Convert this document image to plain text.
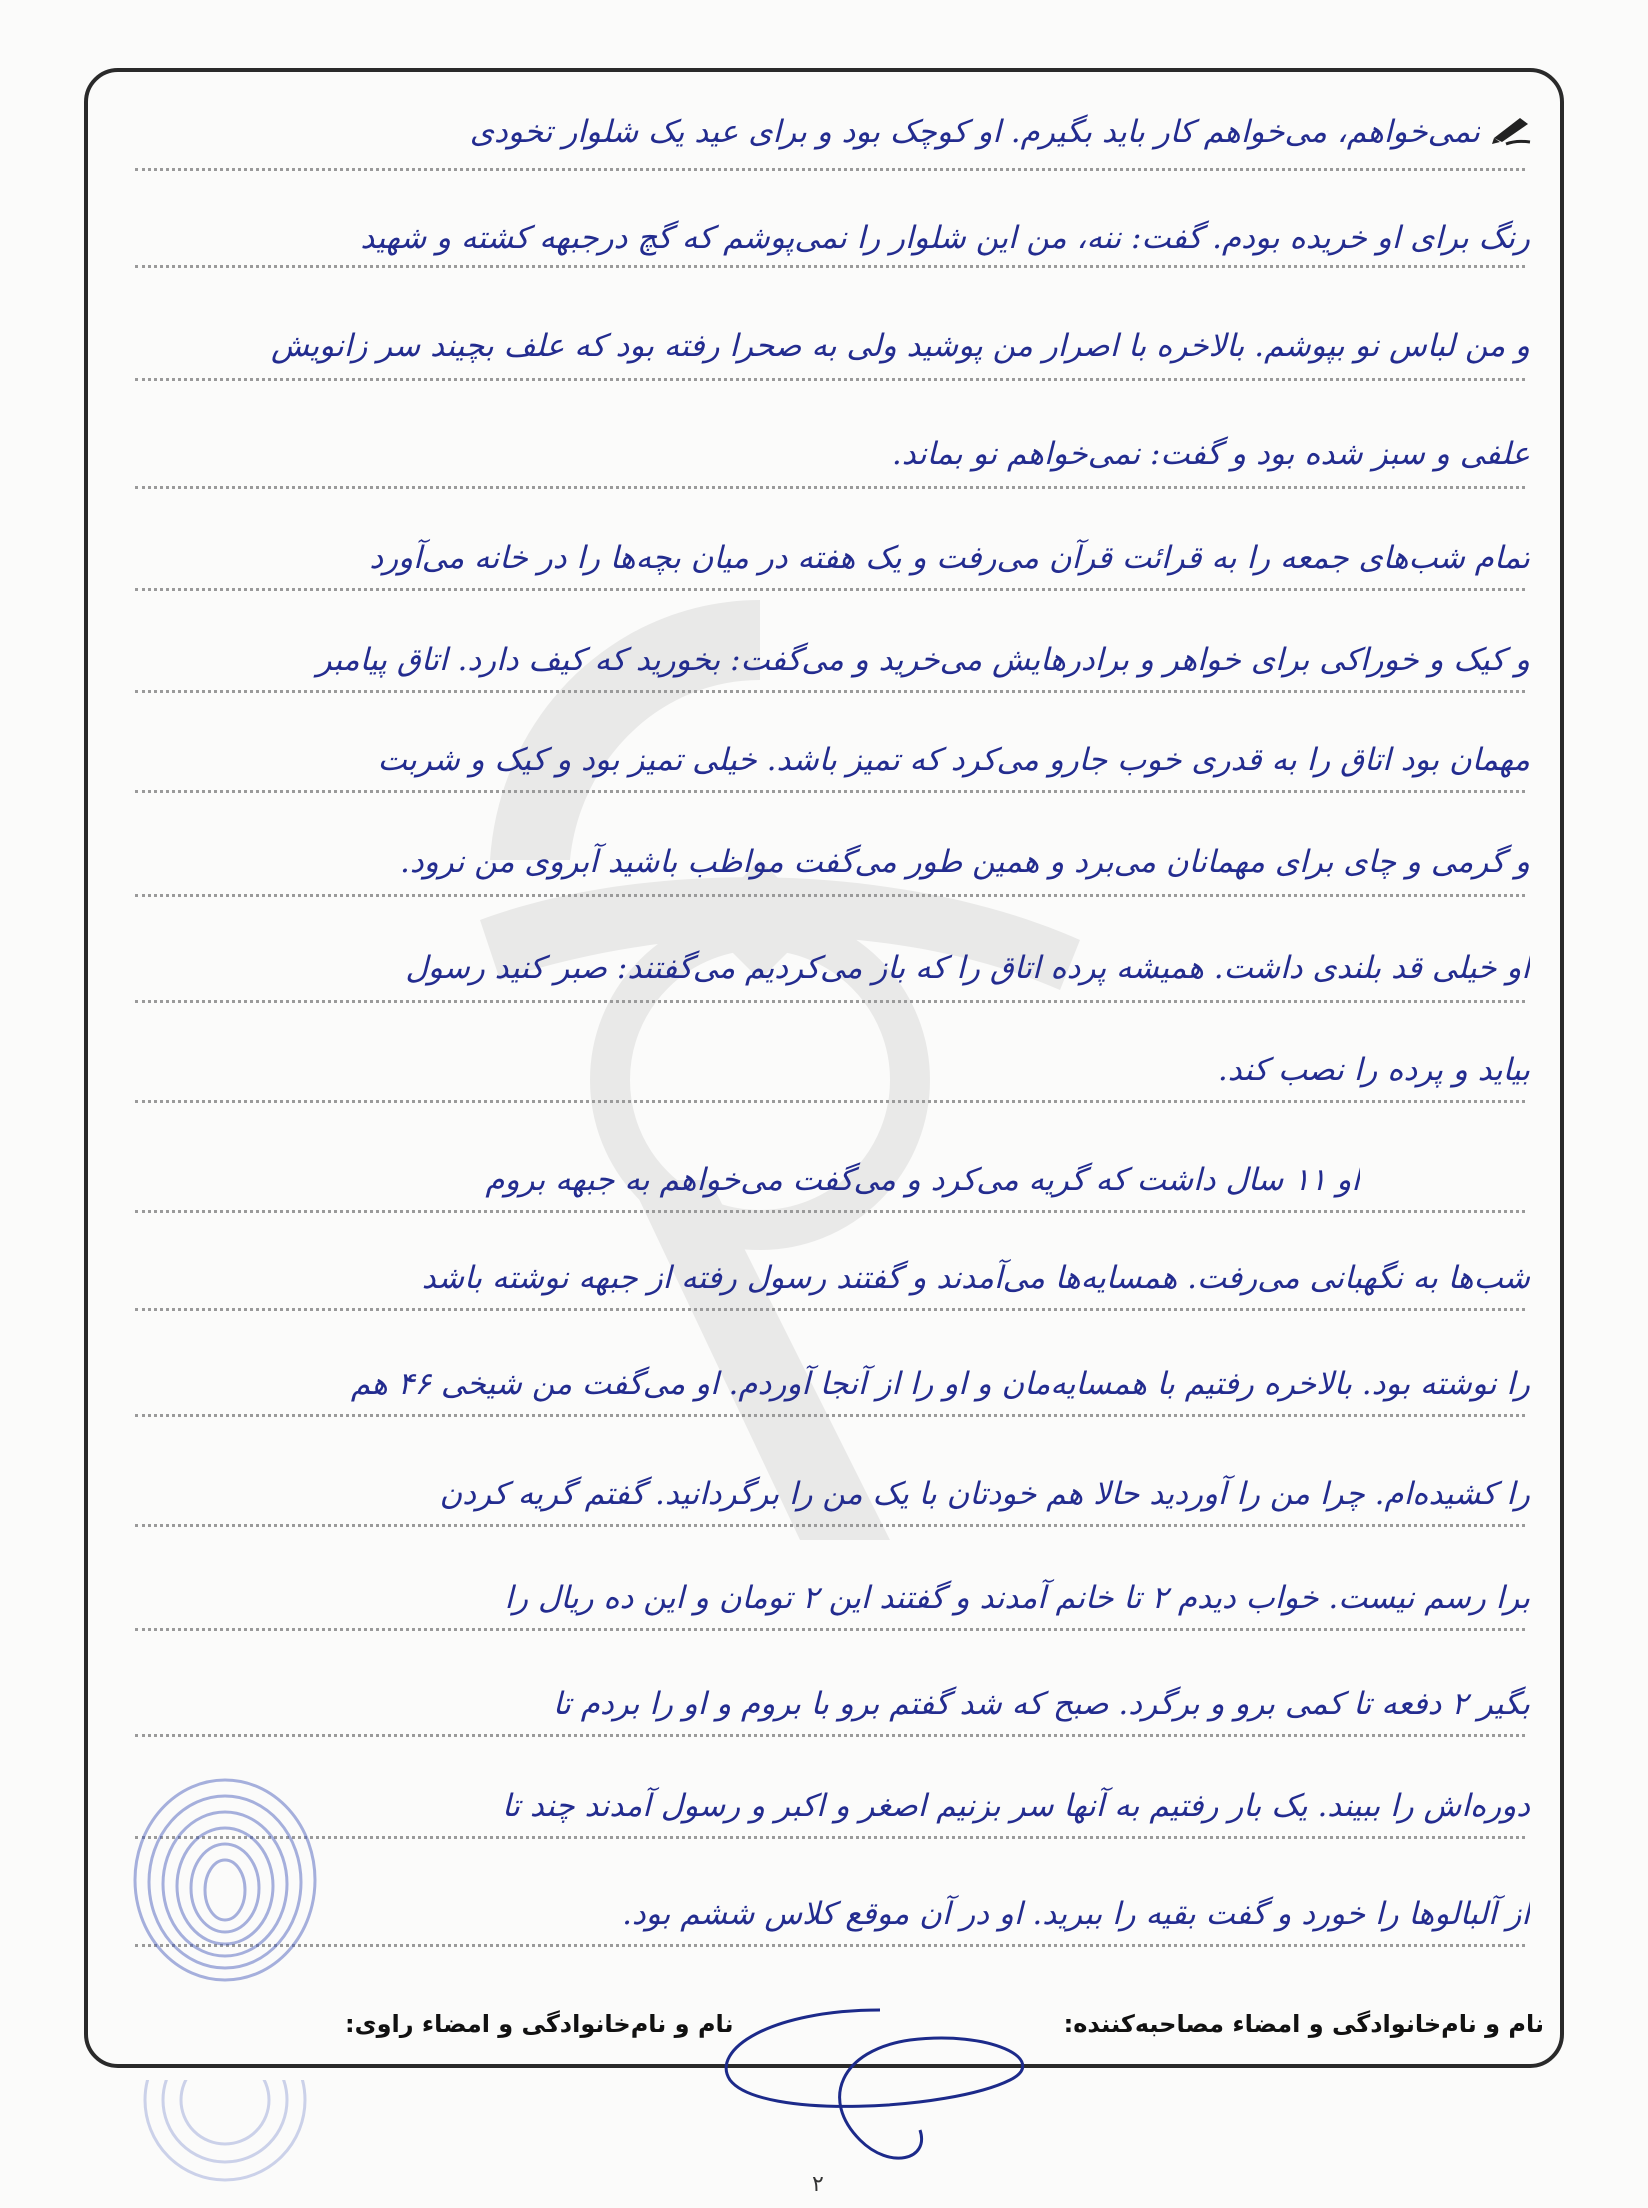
نمی‌خواهم، می‌خواهم کار باید بگیرم. او کوچک بود و برای عید یک شلوار تخودی
رنگ برای او خریده بودم. گفت: ننه، من این شلوار را نمی‌پوشم که گچ درجبهه کشته و شهید
و من لباس نو بپوشم. بالاخره با اصرار من پوشید ولی به صحرا رفته بود که علف بچیند سر زانویش
علفی و سبز شده بود و گفت: نمی‌خواهم نو بماند.
تمام شب‌های جمعه را به قرائت قرآن می‌رفت و یک هفته در میان بچه‌ها را در خانه می‌آورد
و کیک و خوراکی برای خواهر و برادرهایش می‌خرید و می‌گفت: بخورید که کیف دارد. اتاق پیامبر
مهمان بود اتاق را به قدری خوب جارو می‌کرد که تمیز باشد. خیلی تمیز بود و کیک و شربت
و گرمی و چای برای مهمانان می‌برد و همین طور می‌گفت مواظب باشید آبروی من نرود.
او خیلی قد بلندی داشت. همیشه پرده اتاق را که باز می‌کردیم می‌گفتند: صبر کنید رسول
بیاید و پرده را نصب کند.
او ۱۱ سال داشت که گریه می‌کرد و می‌گفت می‌خواهم به جبهه بروم
شب‌ها به نگهبانی می‌رفت. همسایه‌ها می‌آمدند و گفتند رسول رفته از جبهه نوشته باشد
را نوشته بود. بالاخره رفتیم با همسایه‌مان و او را از آنجا آوردم. او می‌گفت من شیخی ۴۶ هم
را کشیده‌ام. چرا من را آوردید حالا هم خودتان با یک من را برگردانید. گفتم گریه کردن
برا رسم نیست. خواب دیدم ۲ تا خانم آمدند و گفتند این ۲ تومان و این ده ریال را
بگیر ۲ دفعه تا کمی برو و برگرد. صبح که شد گفتم برو با بروم و او را بردم تا
دوره‌اش را ببیند. یک بار رفتیم به آنها سر بزنیم اصغر و اکبر و رسول آمدند چند تا
از آلبالو‌ها را خورد و گفت بقیه را ببرید. او در آن موقع کلاس ششم بود.
نام و نام‌خانوادگی و امضاء مصاحبه‌کننده:
نام و نام‌خانوادگی و امضاء راوی:
۲
